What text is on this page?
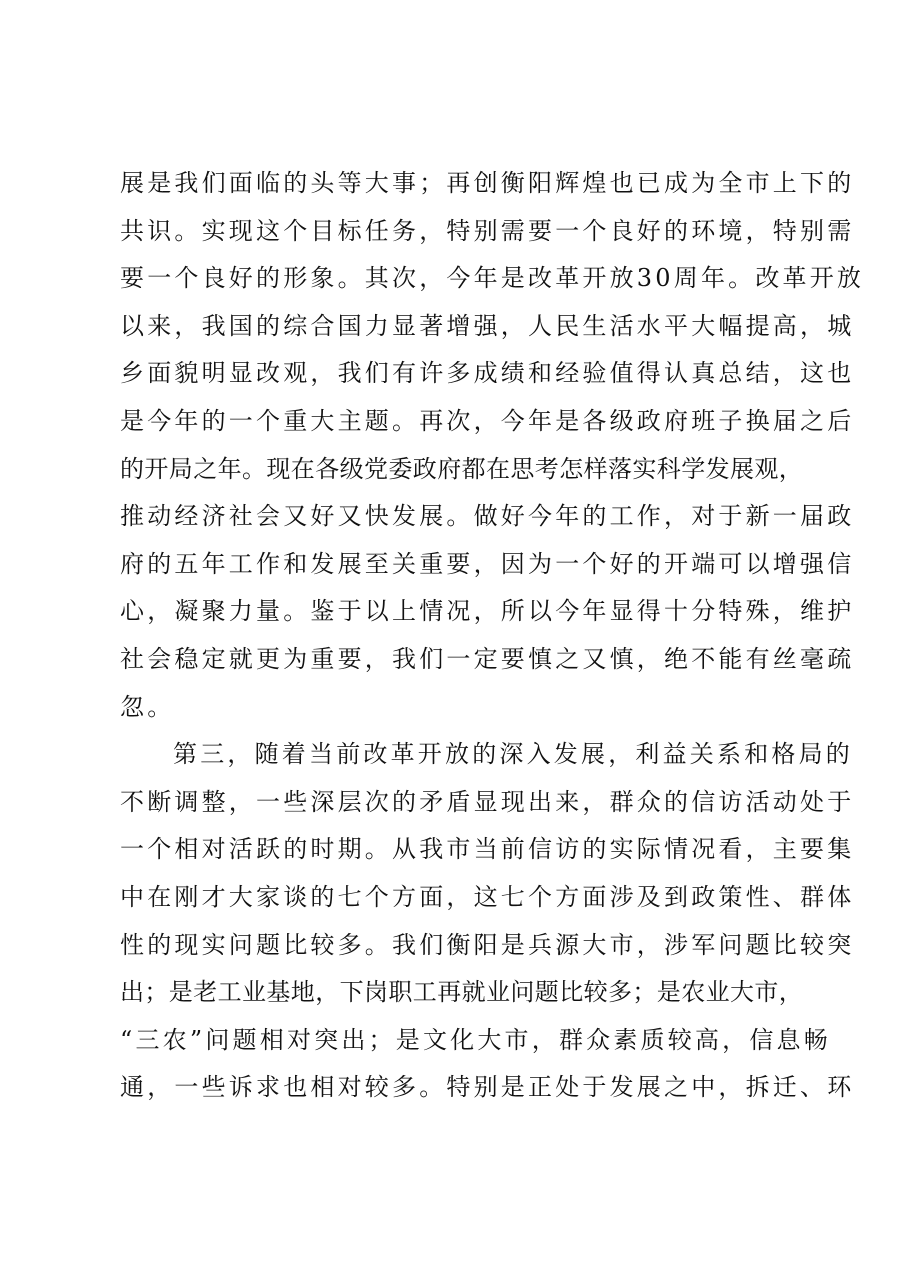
展是我们面临的头等大事；再创衡阳辉煌也已成为全市上下的
共识。实现这个目标任务，特别需要一个良好的环境，特别需
要一个良好的形象。其次，今年是改革开放30周年。改革开放
以来，我国的综合国力显著增强，人民生活水平大幅提高，城
乡面貌明显改观，我们有许多成绩和经验值得认真总结，这也
是今年的一个重大主题。再次，今年是各级政府班子换届之后
的开局之年。现在各级党委政府都在思考怎样落实科学发展观，
推动经济社会又好又快发展。做好今年的工作，对于新一届政
府的五年工作和发展至关重要，因为一个好的开端可以增强信
心，凝聚力量。鉴于以上情况，所以今年显得十分特殊，维护
社会稳定就更为重要，我们一定要慎之又慎，绝不能有丝毫疏
忽。
第三，随着当前改革开放的深入发展，利益关系和格局的
不断调整，一些深层次的矛盾显现出来，群众的信访活动处于
一个相对活跃的时期。从我市当前信访的实际情况看，主要集
中在刚才大家谈的七个方面，这七个方面涉及到政策性、群体
性的现实问题比较多。我们衡阳是兵源大市，涉军问题比较突
出；是老工业基地，下岗职工再就业问题比较多；是农业大市，
“三农”问题相对突出；是文化大市，群众素质较高，信息畅
通，一些诉求也相对较多。特别是正处于发展之中，拆迁、环
